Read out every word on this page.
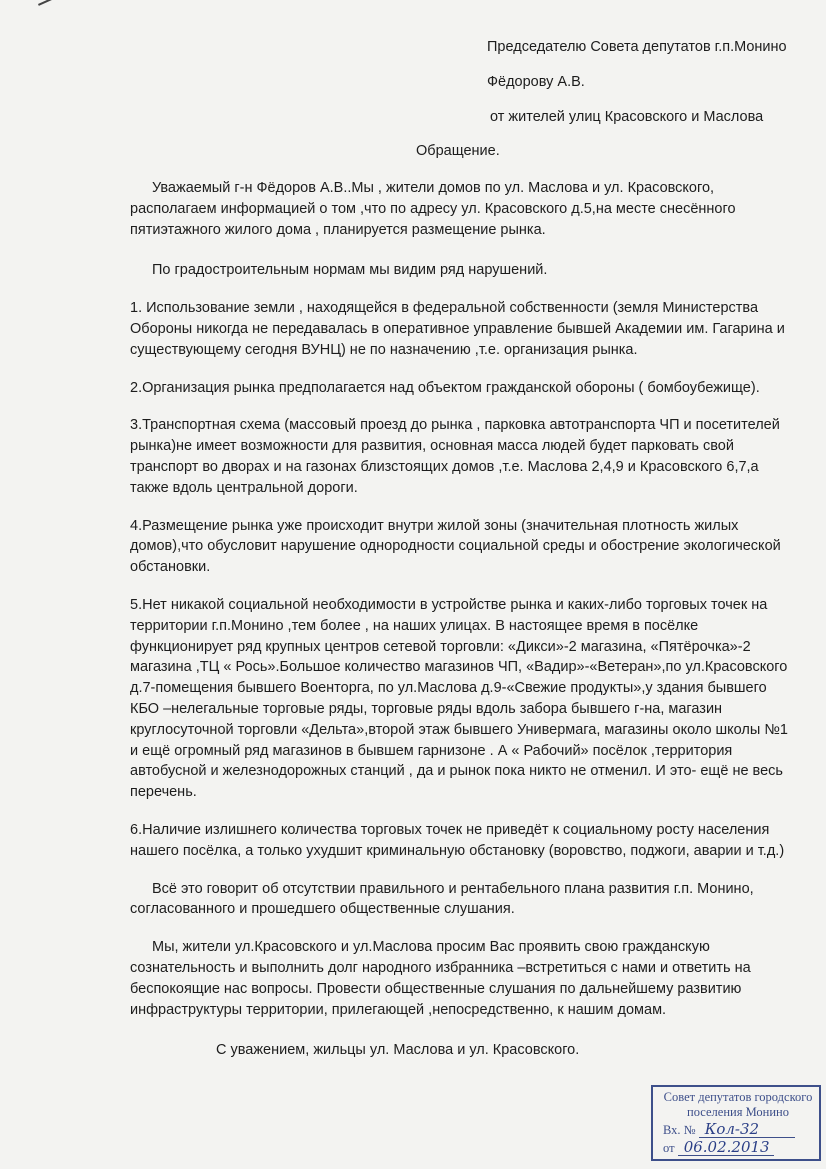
Председателю Совета депутатов г.п.Монино
Фёдорову А.В.
от жителей улиц Красовского и Маслова
Обращение.

Уважаемый г-н Фёдоров А.В..Мы , жители домов по ул. Маслова и ул. Красовского, располагаем информацией о том ,что по адресу ул. Красовского д.5,на месте снесённого пятиэтажного жилого дома , планируется размещение рынка.

По градостроительным нормам мы видим ряд нарушений.

1. Использование земли , находящейся в федеральной собственности (земля Министерства Обороны никогда не передавалась в оперативное управление бывшей Академии им. Гагарина и существующему сегодня ВУНЦ) не по назначению ,т.е. организация рынка.

2.Организация рынка предполагается над объектом гражданской обороны ( бомбоубежище).

3.Транспортная схема (массовый проезд до рынка , парковка автотранспорта ЧП и посетителей рынка)не имеет возможности для развития, основная масса людей будет парковать свой транспорт во дворах и на газонах близстоящих домов ,т.е. Маслова 2,4,9 и Красовского 6,7,а также вдоль центральной дороги.

4.Размещение рынка уже происходит внутри жилой зоны (значительная плотность жилых домов),что обусловит нарушение однородности социальной среды и обострение экологической обстановки.

5.Нет никакой социальной необходимости в устройстве рынка и каких-либо торговых точек на территории г.п.Монино ,тем более , на наших улицах. В настоящее время в посёлке функционирует ряд крупных центров сетевой торговли: «Дикси»-2 магазина, «Пятёрочка»-2 магазина ,ТЦ « Рось».Большое количество магазинов ЧП, «Вадир»-«Ветеран»,по ул.Красовского д.7-помещения бывшего Военторга, по ул.Маслова д.9-«Свежие продукты»,у здания бывшего КБО –нелегальные торговые ряды, торговые ряды вдоль забора бывшего г-на, магазин круглосуточной торговли «Дельта»,второй этаж бывшего Универмага, магазины около школы №1 и ещё огромный ряд магазинов в бывшем гарнизоне . А « Рабочий» посёлок ,территория автобусной и железнодорожных станций , да и рынок пока никто не отменил. И это- ещё не весь перечень.

6.Наличие излишнего количества торговых точек не приведёт к социальному росту населения нашего посёлка, а только ухудшит криминальную обстановку (воровство, поджоги, аварии и т.д.)

Всё это говорит об отсутствии правильного и рентабельного плана развития г.п. Монино, согласованного и прошедшего общественные слушания.

Мы, жители ул.Красовского и ул.Маслова просим Вас проявить свою гражданскую сознательность и выполнить долг народного избранника –встретиться с нами и ответить на беспокоящие нас вопросы. Провести общественные слушания по дальнейшему развитию инфраструктуры территории, прилегающей ,непосредственно, к нашим домам.

С уважением, жильцы ул. Маслова и ул. Красовского.

Совет депутатов городского поселения Монино
Вх. № Кол-32
от 06.02.2013
